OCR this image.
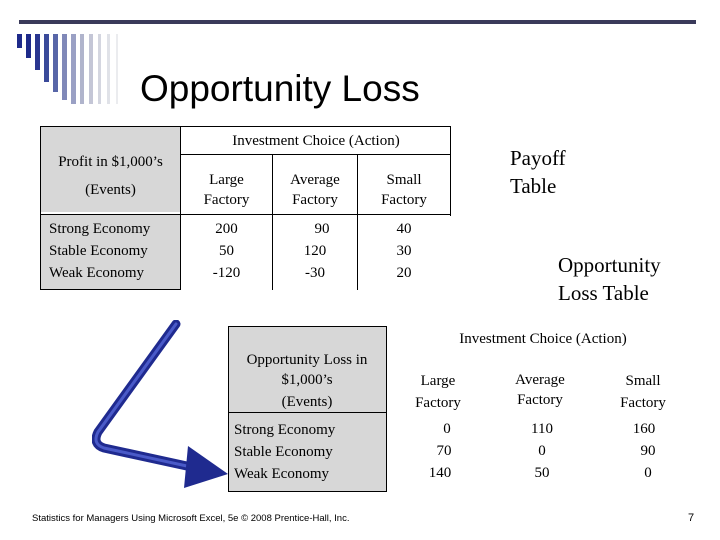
Opportunity Loss
Investment Choice (Action)
Profit in $1,000’s
(Events)
Strong Economy
Stable Economy
Weak Economy
Large
Factory
Average
Factory
Small
Factory
200
50
-120
90
120
-30
40
30
20
Payoff
Table
Opportunity
Loss Table
Investment Choice (Action)
Opportunity Loss in
$1,000’s
(Events)
Strong Economy
Stable Economy
Weak Economy
Large
Factory
Average
Factory
Small
Factory
0
70
140
110
0
50
160
90
0
Statistics for Managers Using Microsoft Excel, 5e © 2008 Prentice-Hall, Inc.	7
